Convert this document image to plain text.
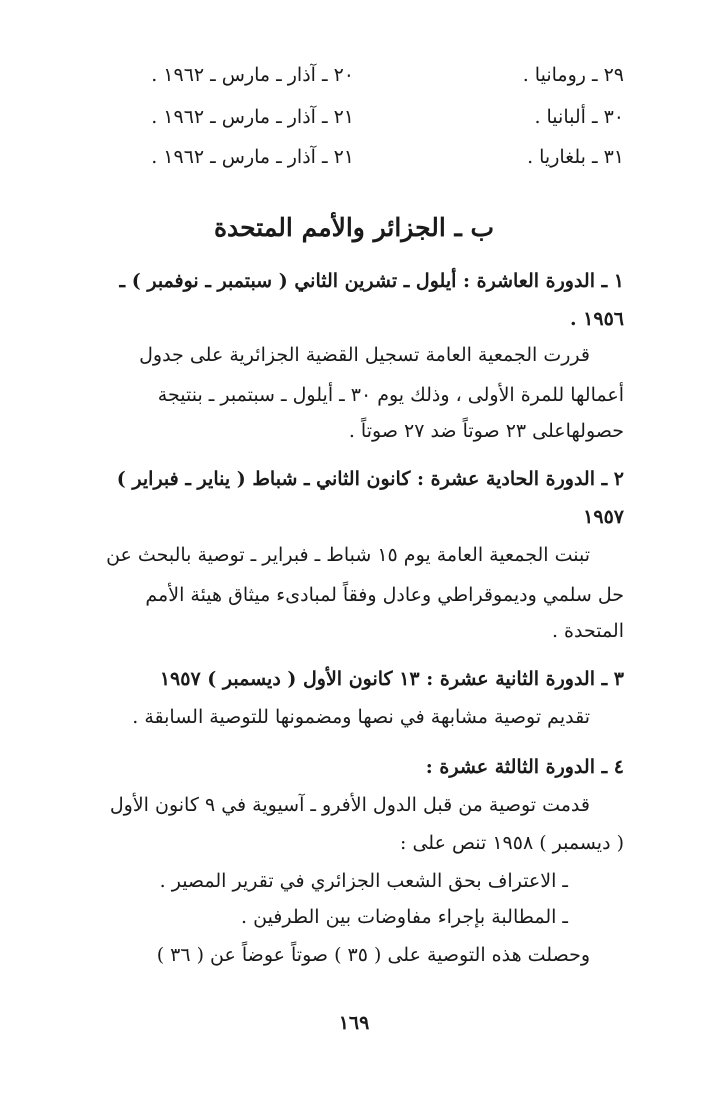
٢٩ ـ رومانيا .
٢٠ ـ آذار ـ مارس ـ ١٩٦٢ .
٣٠ ـ ألبانيا .
٢١ ـ آذار ـ مارس ـ ١٩٦٢ .
٣١ ـ بلغاريا .
٢١ ـ آذار ـ مارس ـ ١٩٦٢ .
ب ـ الجزائر والأمم المتحدة
١ ـ الدورة العاشرة : أيلول ـ تشرين الثاني ( سبتمبر ـ نوفمبر ) ـ
١٩٥٦ .
قررت الجمعية العامة تسجيل القضية الجزائرية على جدول
أعمالها للمرة الأولى ، وذلك يوم ٣٠ ـ أيلول ـ سبتمبر ـ بنتيجة
حصولهاعلى ٢٣ صوتاً ضد ٢٧ صوتاً .
٢ ـ الدورة الحادية عشرة : كانون الثاني ـ شباط ( يناير ـ فبراير )
١٩٥٧
تبنت الجمعية العامة يوم ١٥ شباط ـ فبراير ـ توصية بالبحث عن
حل سلمي وديموقراطي وعادل وفقاً لمبادىء ميثاق هيئة الأمم
المتحدة .
٣ ـ الدورة الثانية عشرة : ١٣ كانون الأول ( ديسمبر ) ١٩٥٧
تقديم توصية مشابهة في نصها ومضمونها للتوصية السابقة .
٤ ـ الدورة الثالثة عشرة :
قدمت توصية من قبل الدول الأفرو ـ آسيوية في ٩ كانون الأول
( ديسمبر ) ١٩٥٨ تنص على :
ـ الاعتراف بحق الشعب الجزائري في تقرير المصير .
ـ المطالبة بإجراء مفاوضات بين الطرفين .
وحصلت هذه التوصية على ( ٣٥ ) صوتاً عوضاً عن ( ٣٦ )
١٦٩
